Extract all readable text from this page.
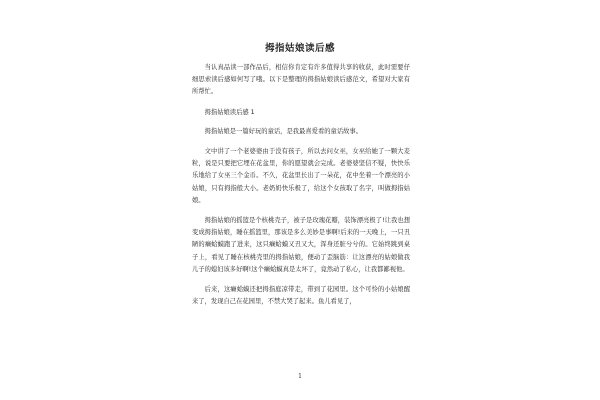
拇指姑娘读后感

当认真品读一部作品后，相信你肯定有许多值得共享的收获，此时需要仔细思索读后感如何写了哦。以下是整理的拇指姑娘读后感范文，希望对大家有所帮忙。

拇指姑娘读后感 1

拇指姑娘是一篇好玩的童话，是我最喜爱看的童话故事。

文中讲了一个老婆婆由于没有孩子，所以去问女巫，女巫给她了一颗大麦粒，说是只要把它埋在花盆里，你的愿望就会完成。老婆婆坚信不疑，快快乐乐地给了女巫三个金币。不久，花盆里长出了一朵花，花中坐着一个漂亮的小姑娘，只有拇指般大小。老奶奶快乐极了，给这个女孩取了名字，叫做拇指姑娘。

拇指姑娘的摇篮是个核桃壳子，被子是玫瑰花瓣，装饰漂亮极了!让我也想变成拇指姑娘，睡在摇篮里，那该是多么美妙是事啊!后来的一天晚上，一只丑陋的癞蛤蟆跑了进来，这只癞蛤蟆又丑又大，浑身还脏兮兮的。它始终跳到桌子上，看见了睡在核桃壳里的拇指姑娘，便动了歪脑筋：让这漂亮的姑娘做我儿子的媳妇该多好啊!这个癞蛤蟆真是太坏了，竟然动了私心，让我都鄙视他。

后来，这癞蛤蟆还把拇指庭凉带走，带到了花园里。这个可怜的小姑娘醒来了，发现自己在花园里，不禁大哭了起来。鱼儿看见了，

1
